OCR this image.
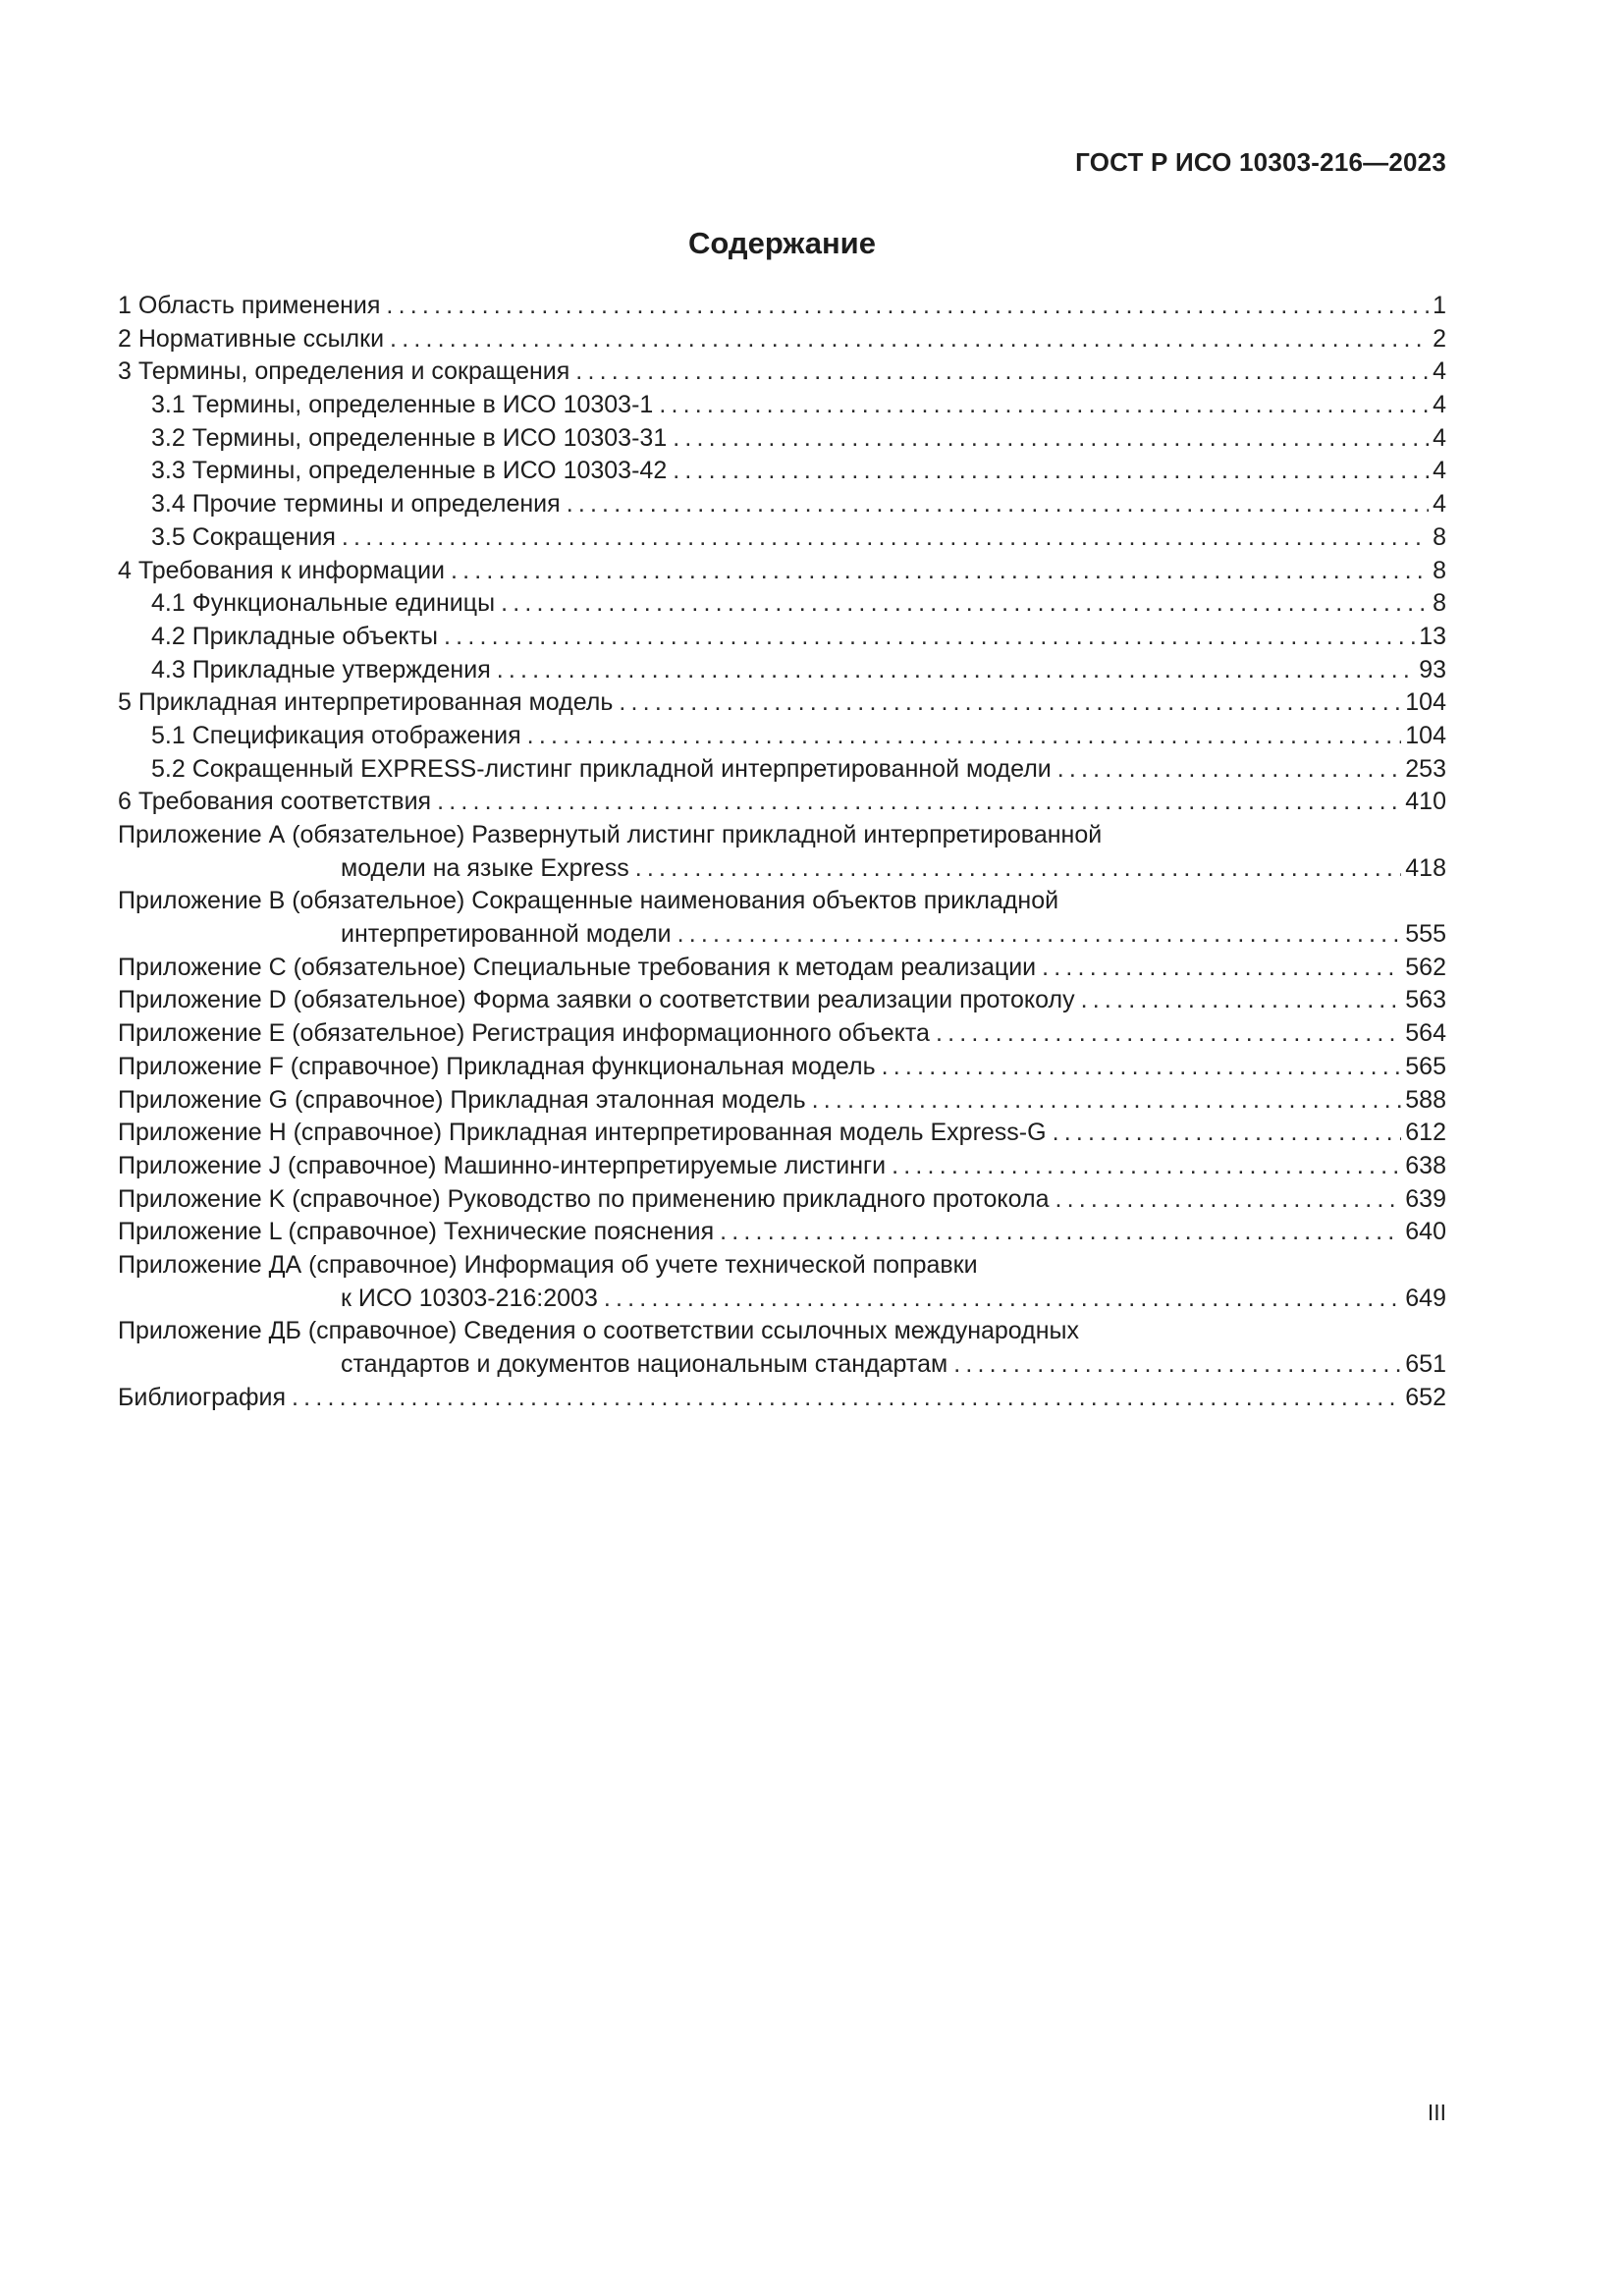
ГОСТ Р ИСО 10303-216—2023
Содержание
1 Область применения .....	1
2 Нормативные ссылки .....	2
3 Термины, определения и сокращения .....	4
3.1 Термины, определенные в ИСО 10303-1 .....	4
3.2 Термины, определенные в ИСО 10303-31 .....	4
3.3 Термины, определенные в ИСО 10303-42 .....	4
3.4 Прочие термины и определения .....	4
3.5 Сокращения .....	8
4 Требования к информации .....	8
4.1 Функциональные единицы .....	8
4.2 Прикладные объекты .....	13
4.3 Прикладные утверждения .....	93
5 Прикладная интерпретированная модель .....	104
5.1 Спецификация отображения .....	104
5.2 Сокращенный EXPRESS-листинг прикладной интерпретированной модели .....	253
6 Требования соответствия .....	410
Приложение А (обязательное) Развернутый листинг прикладной интерпретированной
модели на языке Express .....	418
Приложение В (обязательное) Сокращенные наименования объектов прикладной
интерпретированной модели .....	555
Приложение С (обязательное) Специальные требования к методам реализации .....	562
Приложение D (обязательное) Форма заявки о соответствии реализации протоколу .....	563
Приложение Е (обязательное) Регистрация информационного объекта .....	564
Приложение F (справочное) Прикладная функциональная модель .....	565
Приложение G (справочное) Прикладная эталонная модель .....	588
Приложение Н (справочное) Прикладная интерпретированная модель Express-G .....	612
Приложение J (справочное) Машинно-интерпретируемые листинги .....	638
Приложение K (справочное) Руководство по применению прикладного протокола .....	639
Приложение L (справочное) Технические пояснения .....	640
Приложение ДА (справочное) Информация об учете технической поправки
к ИСО 10303-216:2003 .....	649
Приложение ДБ (справочное) Сведения о соответствии ссылочных международных
стандартов и документов национальным стандартам .....	651
Библиография .....	652
III
